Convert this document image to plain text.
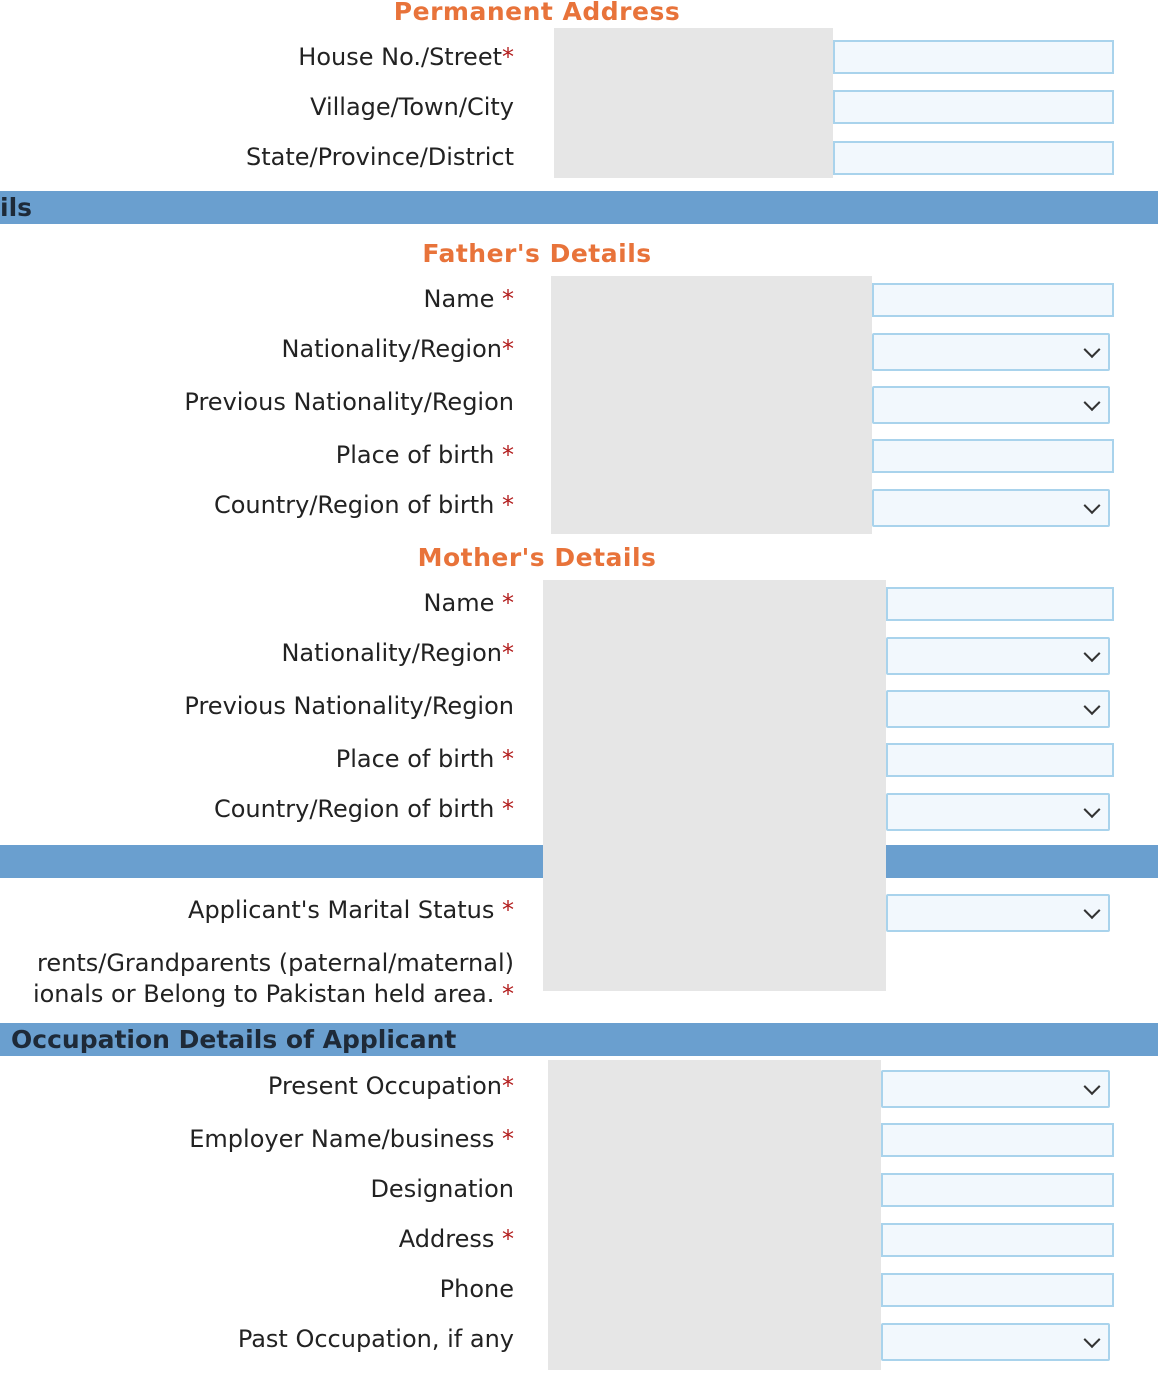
Permanent Address
House No./Street*
Village/Town/City
State/Province/District
ils
Father's Details
Name *
Nationality/Region*
Previous Nationality/Region
Place of birth *
Country/Region of birth *
Mother's Details
Name *
Nationality/Region*
Previous Nationality/Region
Place of birth *
Country/Region of birth *
Applicant's Marital Status *
rents/Grandparents (paternal/maternal)
ionals or Belong to Pakistan held area. *
Occupation Details of Applicant
Present Occupation*
Employer Name/business *
Designation
Address *
Phone
Past Occupation, if any
